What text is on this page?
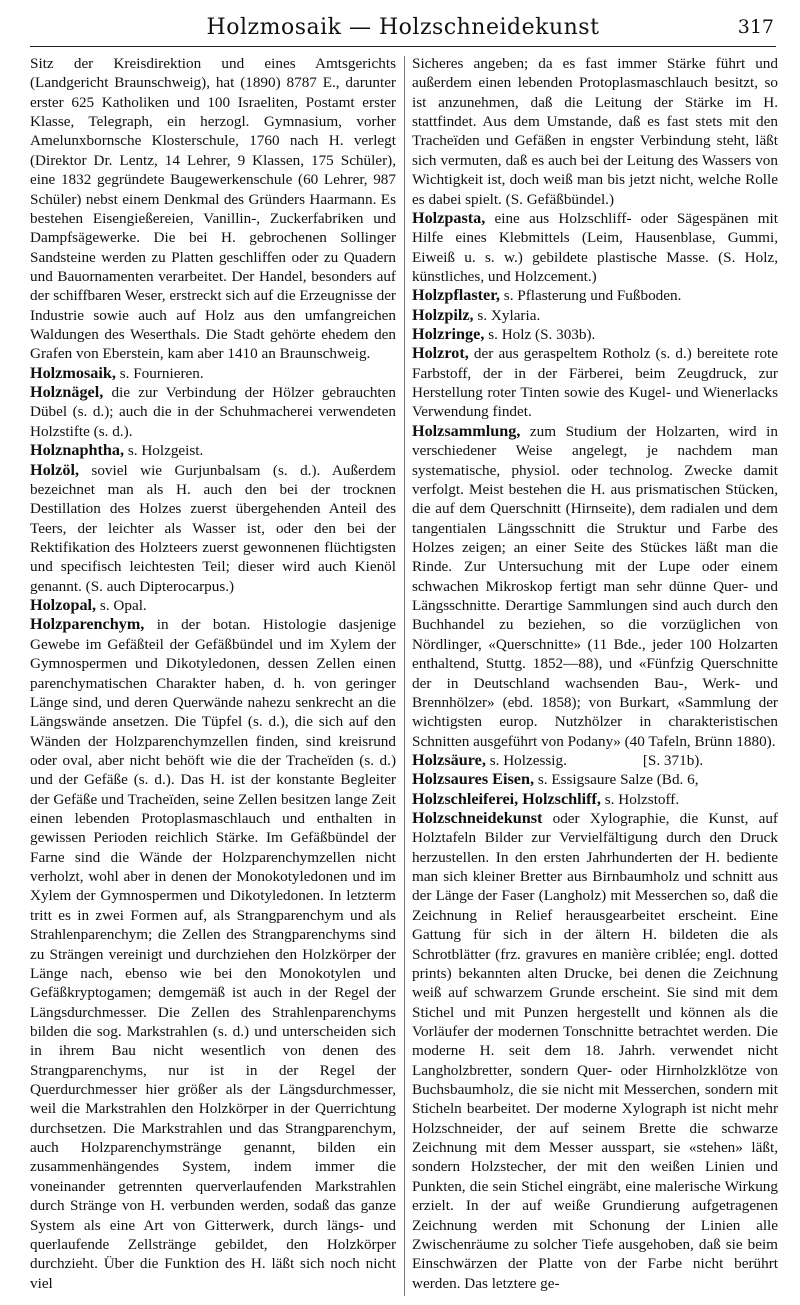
Holzmosaik — Holzschneidekunst	317

Sitz der Kreisdirektion und eines Amtsgerichts (Landgericht Braunschweig), hat (1890) 8787 E., darunter erster 625 Katholiken und 100 Israeliten, Postamt erster Klasse, Telegraph, ein herzogl. Gymnasium, vorher Amelunxbornsche Klosterschule, 1760 nach H. verlegt (Direktor Dr. Lentz, 14 Lehrer, 9 Klassen, 175 Schüler), eine 1832 gegründete Baugewerkenschule (60 Lehrer, 987 Schüler) nebst einem Denkmal des Gründers Haarmann. Es bestehen Eisengießereien, Vanillin-, Zuckerfabriken und Dampfsägewerke. Die bei H. gebrochenen Sollinger Sandsteine werden zu Platten geschliffen oder zu Quadern und Bauornamenten verarbeitet. Der Handel, besonders auf der schiffbaren Weser, erstreckt sich auf die Erzeugnisse der Industrie sowie auch auf Holz aus den umfangreichen Waldungen des Weserthals. Die Stadt gehörte ehedem den Grafen von Eberstein, kam aber 1410 an Braunschweig.

Holzmosaik, s. Fournieren.

Holznägel, die zur Verbindung der Hölzer gebrauchten Dübel (s. d.); auch die in der Schuhmacherei verwendeten Holzstifte (s. d.).

Holznaphtha, s. Holzgeist.

Holzöl, soviel wie Gurjunbalsam (s. d.). Außerdem bezeichnet man als H. auch den bei der trocknen Destillation des Holzes zuerst übergehenden Anteil des Teers, der leichter als Wasser ist, oder den bei der Rektifikation des Holzteers zuerst gewonnenen flüchtigsten und specifisch leichtesten Teil; dieser wird auch Kienöl genannt. (S. auch Dipterocarpus.)

Holzopal, s. Opal.

Holzparenchym, in der botan. Histologie dasjenige Gewebe im Gefäßteil der Gefäßbündel und im Xylem der Gymnospermen und Dikotyledonen, dessen Zellen einen parenchymatischen Charakter haben, d. h. von geringer Länge sind, und deren Querwände nahezu senkrecht an die Längswände ansetzen. Die Tüpfel (s. d.), die sich auf den Wänden der Holzparenchymzellen finden, sind kreisrund oder oval, aber nicht behöft wie die der Tracheïden (s. d.) und der Gefäße (s. d.). Das H. ist der konstante Begleiter der Gefäße und Tracheïden, seine Zellen besitzen lange Zeit einen lebenden Protoplasmaschlauch und enthalten in gewissen Perioden reichlich Stärke. Im Gefäßbündel der Farne sind die Wände der Holzparenchymzellen nicht verholzt, wohl aber in denen der Monokotyledonen und im Xylem der Gymnospermen und Dikotyledonen. In letzterm tritt es in zwei Formen auf, als Strangparenchym und als Strahlenparenchym; die Zellen des Strangparenchyms sind zu Strängen vereinigt und durchziehen den Holzkörper der Länge nach, ebenso wie bei den Monokotylen und Gefäßkryptogamen; demgemäß ist auch in der Regel der Längsdurchmesser. Die Zellen des Strahlenparenchyms bilden die sog. Markstrahlen (s. d.) und unterscheiden sich in ihrem Bau nicht wesentlich von denen des Strangparenchyms, nur ist in der Regel der Querdurchmesser hier größer als der Längsdurchmesser, weil die Markstrahlen den Holzkörper in der Querrichtung durchsetzen. Die Markstrahlen und das Strangparenchym, auch Holzparenchymstränge genannt, bilden ein zusammenhängendes System, indem immer die voneinander getrennten querverlaufenden Markstrahlen durch Stränge von H. verbunden werden, sodaß das ganze System als eine Art von Gitterwerk, durch längs- und querlaufende Zellstränge gebildet, den Holzkörper durchzieht. Über die Funktion des H. läßt sich noch nicht viel

Sicheres angeben; da es fast immer Stärke führt und außerdem einen lebenden Protoplasmaschlauch besitzt, so ist anzunehmen, daß die Leitung der Stärke im H. stattfindet. Aus dem Umstande, daß es fast stets mit den Tracheïden und Gefäßen in engster Verbindung steht, läßt sich vermuten, daß es auch bei der Leitung des Wassers von Wichtigkeit ist, doch weiß man bis jetzt nicht, welche Rolle es dabei spielt. (S. Gefäßbündel.)

Holzpasta, eine aus Holzschliff- oder Sägespänen mit Hilfe eines Klebmittels (Leim, Hausenblase, Gummi, Eiweiß u. s. w.) gebildete plastische Masse. (S. Holz, künstliches, und Holzcement.)

Holzpflaster, s. Pflasterung und Fußboden.

Holzpilz, s. Xylaria.

Holzringe, s. Holz (S. 303b).

Holzrot, der aus geraspeltem Rotholz (s. d.) bereitete rote Farbstoff, der in der Färberei, beim Zeugdruck, zur Herstellung roter Tinten sowie des Kugel- und Wienerlacks Verwendung findet.

Holzsammlung, zum Studium der Holzarten, wird in verschiedener Weise angelegt, je nachdem man systematische, physiol. oder technolog. Zwecke damit verfolgt. Meist bestehen die H. aus prismatischen Stücken, die auf dem Querschnitt (Hirnseite), dem radialen und dem tangentialen Längsschnitt die Struktur und Farbe des Holzes zeigen; an einer Seite des Stückes läßt man die Rinde. Zur Untersuchung mit der Lupe oder einem schwachen Mikroskop fertigt man sehr dünne Quer- und Längsschnitte. Derartige Sammlungen sind auch durch den Buchhandel zu beziehen, so die vorzüglichen von Nördlinger, «Querschnitte» (11 Bde., jeder 100 Holzarten enthaltend, Stuttg. 1852—88), und «Fünfzig Querschnitte der in Deutschland wachsenden Bau-, Werk- und Brennhölzer» (ebd. 1858); von Burkart, «Sammlung der wichtigsten europ. Nutzhölzer in charakteristischen Schnitten ausgeführt von Podany» (40 Tafeln, Brünn 1880).

Holzsäure, s. Holzessig.                    [S. 371b).

Holzsaures Eisen, s. Essigsaure Salze (Bd. 6,

Holzschleiferei, Holzschliff, s. Holzstoff.

Holzschneidekunst oder Xylographie, die Kunst, auf Holztafeln Bilder zur Vervielfältigung durch den Druck herzustellen. In den ersten Jahrhunderten der H. bediente man sich kleiner Bretter aus Birnbaumholz und schnitt aus der Länge der Faser (Langholz) mit Messerchen so, daß die Zeichnung in Relief herausgearbeitet erscheint. Eine Gattung für sich in der ältern H. bildeten die als Schrotblätter (frz. gravures en manière criblée; engl. dotted prints) bekannten alten Drucke, bei denen die Zeichnung weiß auf schwarzem Grunde erscheint. Sie sind mit dem Stichel und mit Punzen hergestellt und können als die Vorläufer der modernen Tonschnitte betrachtet werden. Die moderne H. seit dem 18. Jahrh. verwendet nicht Langholzbretter, sondern Quer- oder Hirnholzklötze von Buchsbaumholz, die sie nicht mit Messerchen, sondern mit Sticheln bearbeitet. Der moderne Xylograph ist nicht mehr Holzschneider, der auf seinem Brette die schwarze Zeichnung mit dem Messer ausspart, sie «stehen» läßt, sondern Holzstecher, der mit den weißen Linien und Punkten, die sein Stichel eingräbt, eine malerische Wirkung erzielt. In der auf weiße Grundierung aufgetragenen Zeichnung werden mit Schonung der Linien alle Zwischenräume zu solcher Tiefe ausgehoben, daß sie beim Einschwärzen der Platte von der Farbe nicht berührt werden. Das letztere ge-
